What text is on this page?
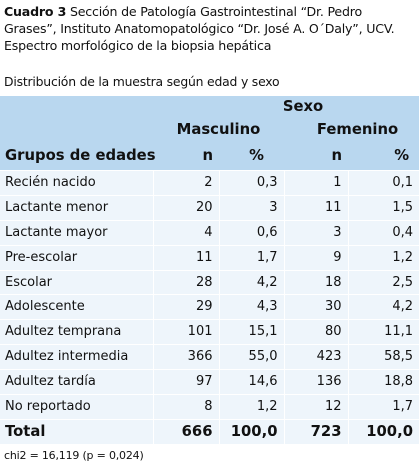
Cuadro 3 Sección de Patología Gastrointestinal “Dr. Pedro Grases”, Instituto Anatomopatológico “Dr. José A. O´Daly”, UCV. Espectro morfológico de la biopsia hepática
Distribución de la muestra según edad y sexo
	Sexo			
	Masculino		Femenino	
Grupos de edades	n	%	n	%
Recién nacido	2	0,3	1	0,1
Lactante menor	20	3	11	1,5
Lactante mayor	4	0,6	3	0,4
Pre-escolar	11	1,7	9	1,2
Escolar	28	4,2	18	2,5
Adolescente	29	4,3	30	4,2
Adultez temprana	101	15,1	80	11,1
Adultez intermedia	366	55,0	423	58,5
Adultez tardía	97	14,6	136	18,8
No reportado	8	1,2	12	1,7
Total	666	100,0	723	100,0
chi2 = 16,119 (p = 0,024)
